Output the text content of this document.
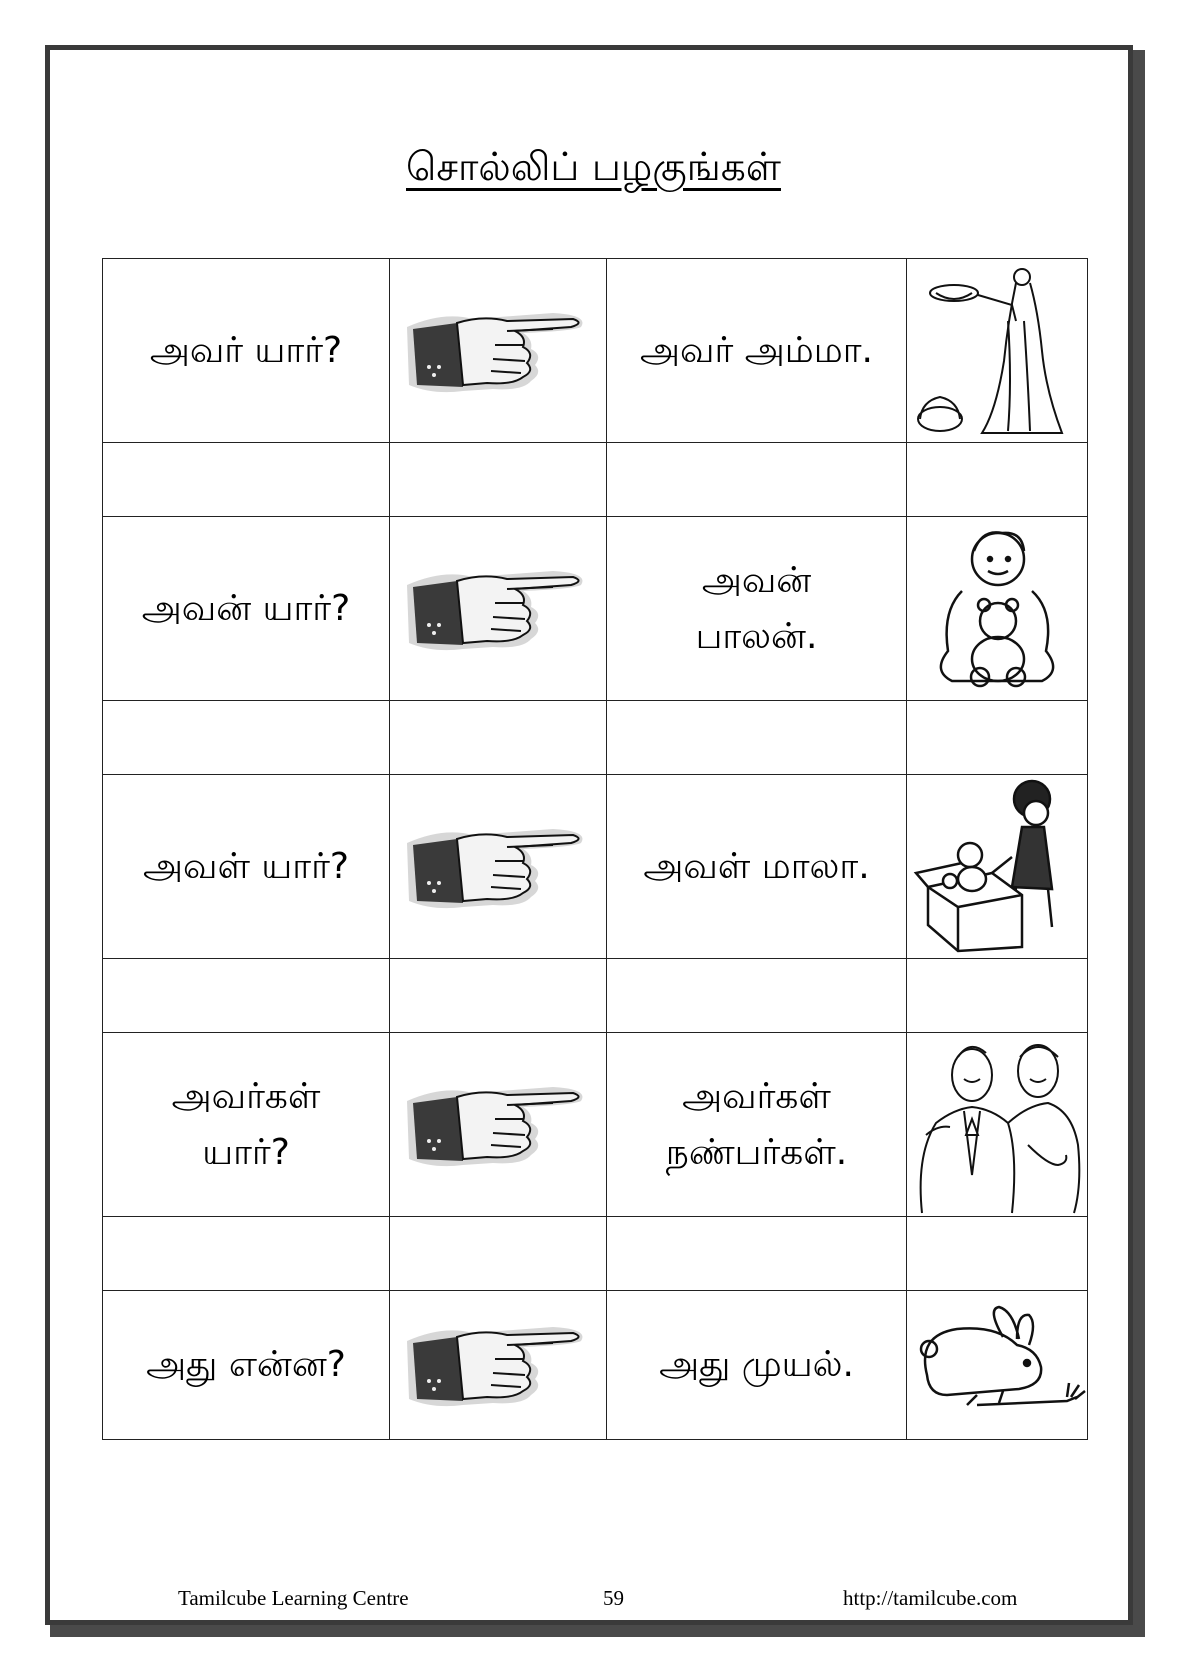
சொல்லிப் பழகுங்கள்
அவர் யார்?		அவர் அம்மா.

அவன் யார்?		அவன்
பாலன்.

அவள் யார்?		அவள் மாலா.

அவர்கள்
யார்?		அவர்கள்
நண்பர்கள்.

அது என்ன?		அது முயல்.

Tamilcube Learning Centre	59	http://tamilcube.com
